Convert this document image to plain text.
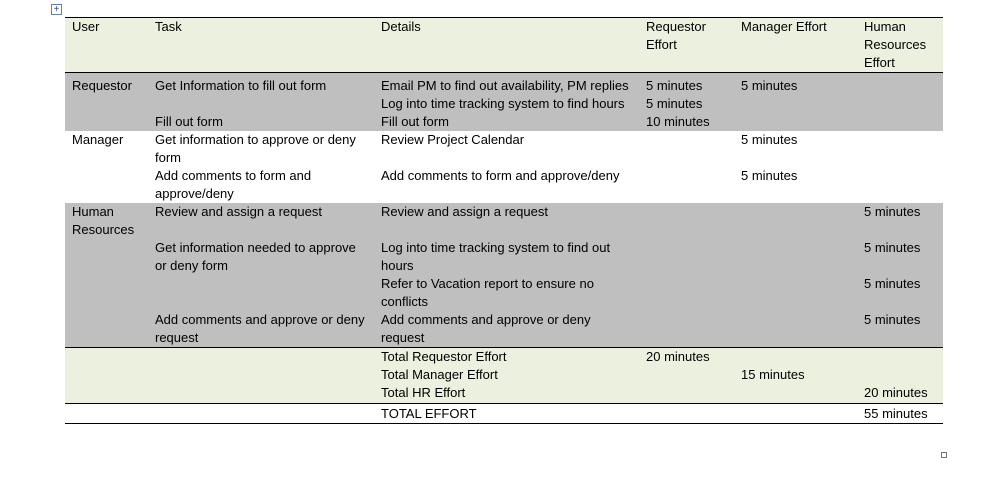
+
User	Task	Details	Requestor Effort	Manager Effort	Human Resources Effort

Requestor	Get Information to fill out form	Email PM to find out availability, PM replies	5 minutes	5 minutes	
		Log into time tracking system to find hours	5 minutes		
	Fill out form	Fill out form	10 minutes		
Manager	Get information to approve or deny form	Review Project Calendar		5 minutes	
	Add comments to form and approve/deny	Add comments to form and approve/deny		5 minutes	
Human Resources	Review and assign a request	Review and assign a request			5 minutes
	Get information needed to approve or deny form	Log into time tracking system to find out hours			5 minutes
		Refer to Vacation report to ensure no conflicts			5 minutes
	Add comments and approve or deny request	Add comments and approve or deny request			5 minutes
		Total Requestor Effort	20 minutes		
		Total Manager Effort		15 minutes	
		Total HR Effort			20 minutes
		TOTAL EFFORT			55 minutes
